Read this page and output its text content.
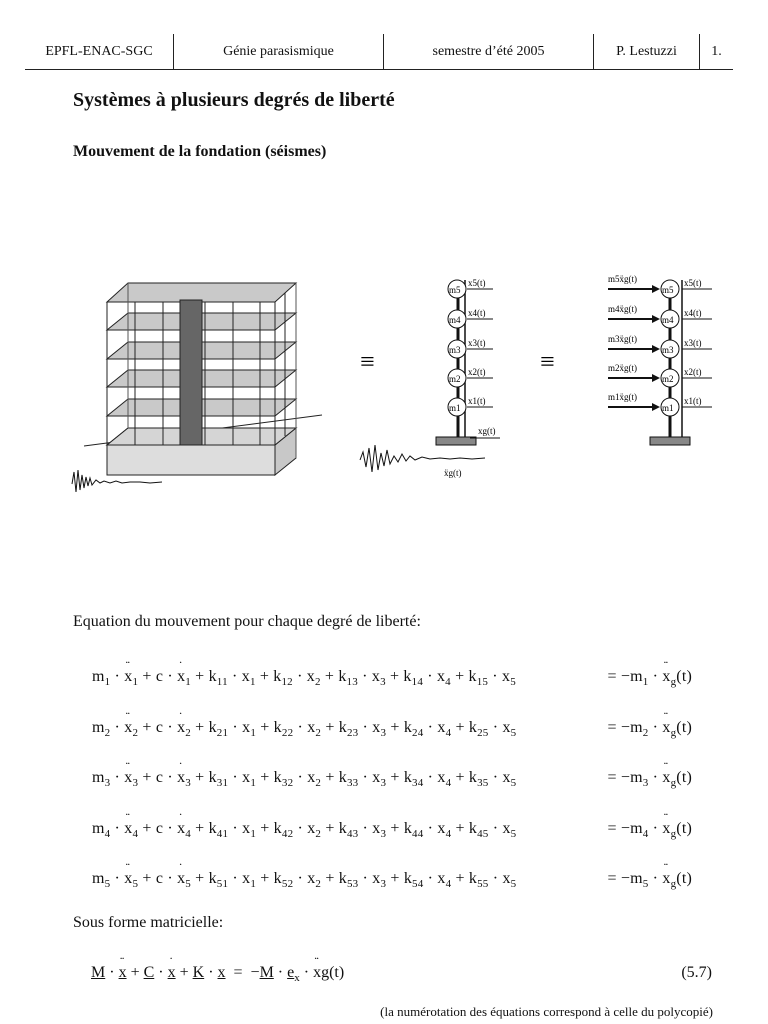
EPFL-ENAC-SGC	Génie parasismique	semestre d’été 2005	P. Lestuzzi	1.
Systèmes à plusieurs degrés de liberté
Mouvement de la fondation (séismes)
≡
m5
m4
m3
m2
m1
x5(t)
x4(t)
x3(t)
x2(t)
x1(t)
xg(t)
ẍg(t)
≡
m5ẍg(t)
m4ẍg(t)
m3ẍg(t)
m2ẍg(t)
m1ẍg(t)
m5
m4
m3
m2
m1
x5(t)
x4(t)
x3(t)
x2(t)
x1(t)

Equation du mouvement pour chaque degré de liberté:

$m_1$ · .. $x_1 + c$ · . $x_1 + k_{11} \cdot x_1 + k_{12} \cdot x_2 + k_{13} \cdot x_3 + k_{14} \cdot x_4 + k_{15} \cdot x_5$	= $-m_1$ · .. $x_g(t)$
$m_2$ · .. $x_2 + c$ · . $x_2 + k_{21} \cdot x_1 + k_{22} \cdot x_2 + k_{23} \cdot x_3 + k_{24} \cdot x_4 + k_{25} \cdot x_5$	= $-m_2$ · .. $x_g(t)$
$m_3$ · .. $x_3 + c$ · . $x_3 + k_{31} \cdot x_1 + k_{32} \cdot x_2 + k_{33} \cdot x_3 + k_{34} \cdot x_4 + k_{35} \cdot x_5$	= $-m_3$ · .. $x_g(t)$
$m_4$ · .. $x_4 + c$ · . $x_4 + k_{41} \cdot x_1 + k_{42} \cdot x_2 + k_{43} \cdot x_3 + k_{44} \cdot x_4 + k_{45} \cdot x_5$	= $-m_4$ · .. $x_g(t)$
$m_5$ · .. $x_5 + c$ · . $x_5 + k_{51} \cdot x_1 + k_{52} \cdot x_2 + k_{53} \cdot x_3 + k_{54} \cdot x_4 + k_{55} \cdot x_5$	= $-m_5$ · .. $x_g(t)$

Sous forme matricielle:

M · .. x + C · . $x + K \cdot x = -M \cdot e_x$ · .. xg(t)	(5.7)
(la numérotation des équations correspond à celle du polycopié)
